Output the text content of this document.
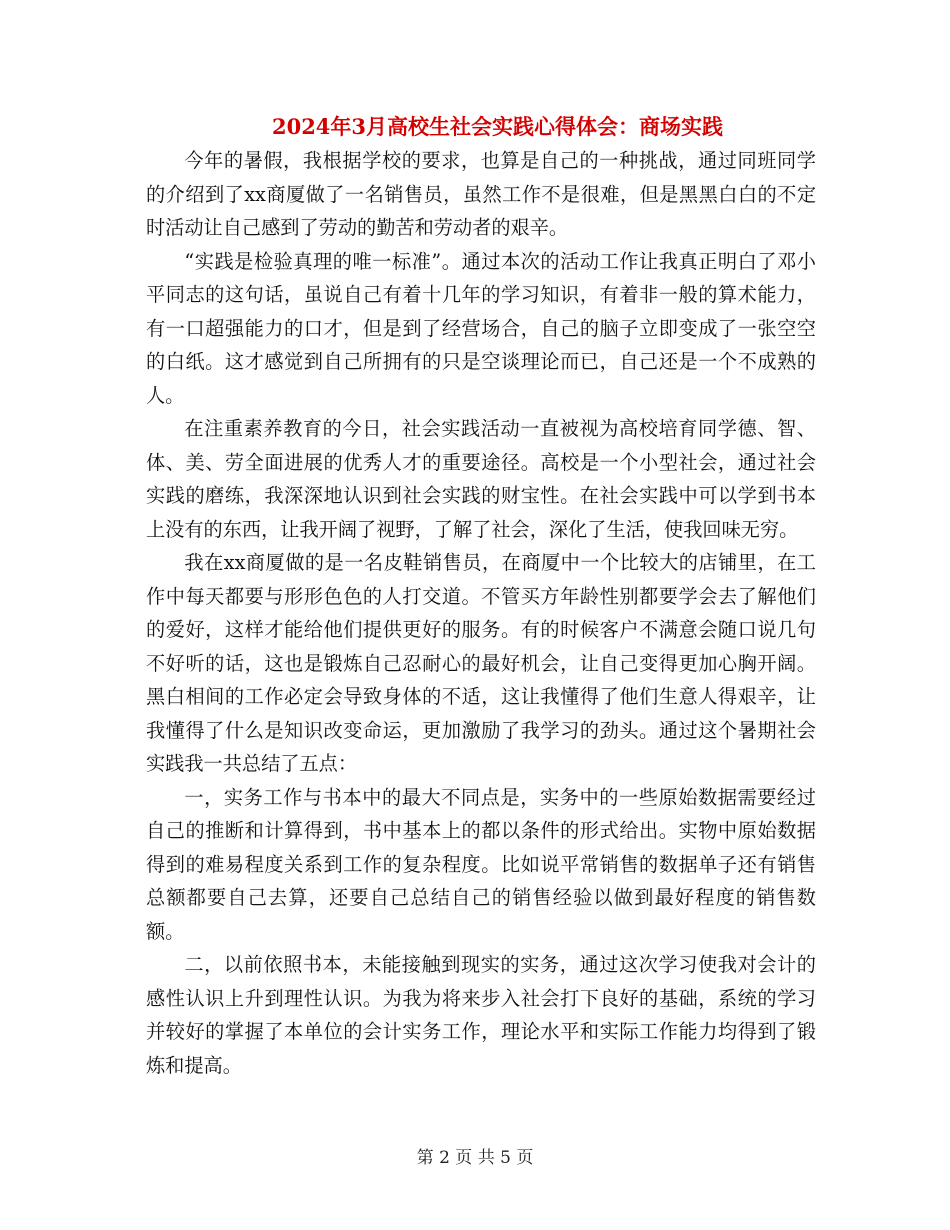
2024年3月高校生社会实践心得体会：商场实践

今年的暑假，我根据学校的要求，也算是自己的一种挑战，通过同班同学的介绍到了xx商厦做了一名销售员，虽然工作不是很难，但是黑黑白白的不定时活动让自己感到了劳动的勤苦和劳动者的艰辛。

“实践是检验真理的唯一标准”。通过本次的活动工作让我真正明白了邓小平同志的这句话，虽说自己有着十几年的学习知识，有着非一般的算术能力，有一口超强能力的口才，但是到了经营场合，自己的脑子立即变成了一张空空的白纸。这才感觉到自己所拥有的只是空谈理论而已，自己还是一个不成熟的人。

在注重素养教育的今日，社会实践活动一直被视为高校培育同学德、智、体、美、劳全面进展的优秀人才的重要途径。高校是一个小型社会，通过社会实践的磨练，我深深地认识到社会实践的财宝性。在社会实践中可以学到书本上没有的东西，让我开阔了视野，了解了社会，深化了生活，使我回味无穷。

我在xx商厦做的是一名皮鞋销售员，在商厦中一个比较大的店铺里，在工作中每天都要与形形色色的人打交道。不管买方年龄性别都要学会去了解他们的爱好，这样才能给他们提供更好的服务。有的时候客户不满意会随口说几句不好听的话，这也是锻炼自己忍耐心的最好机会，让自己变得更加心胸开阔。黑白相间的工作必定会导致身体的不适，这让我懂得了他们生意人得艰辛，让我懂得了什么是知识改变命运，更加激励了我学习的劲头。通过这个暑期社会实践我一共总结了五点：

一，实务工作与书本中的最大不同点是，实务中的一些原始数据需要经过自己的推断和计算得到，书中基本上的都以条件的形式给出。实物中原始数据得到的难易程度关系到工作的复杂程度。比如说平常销售的数据单子还有销售总额都要自己去算，还要自己总结自己的销售经验以做到最好程度的销售数额。

二，以前依照书本，未能接触到现实的实务，通过这次学习使我对会计的感性认识上升到理性认识。为我为将来步入社会打下良好的基础，系统的学习并较好的掌握了本单位的会计实务工作，理论水平和实际工作能力均得到了锻炼和提高。

第 2 页 共 5 页
